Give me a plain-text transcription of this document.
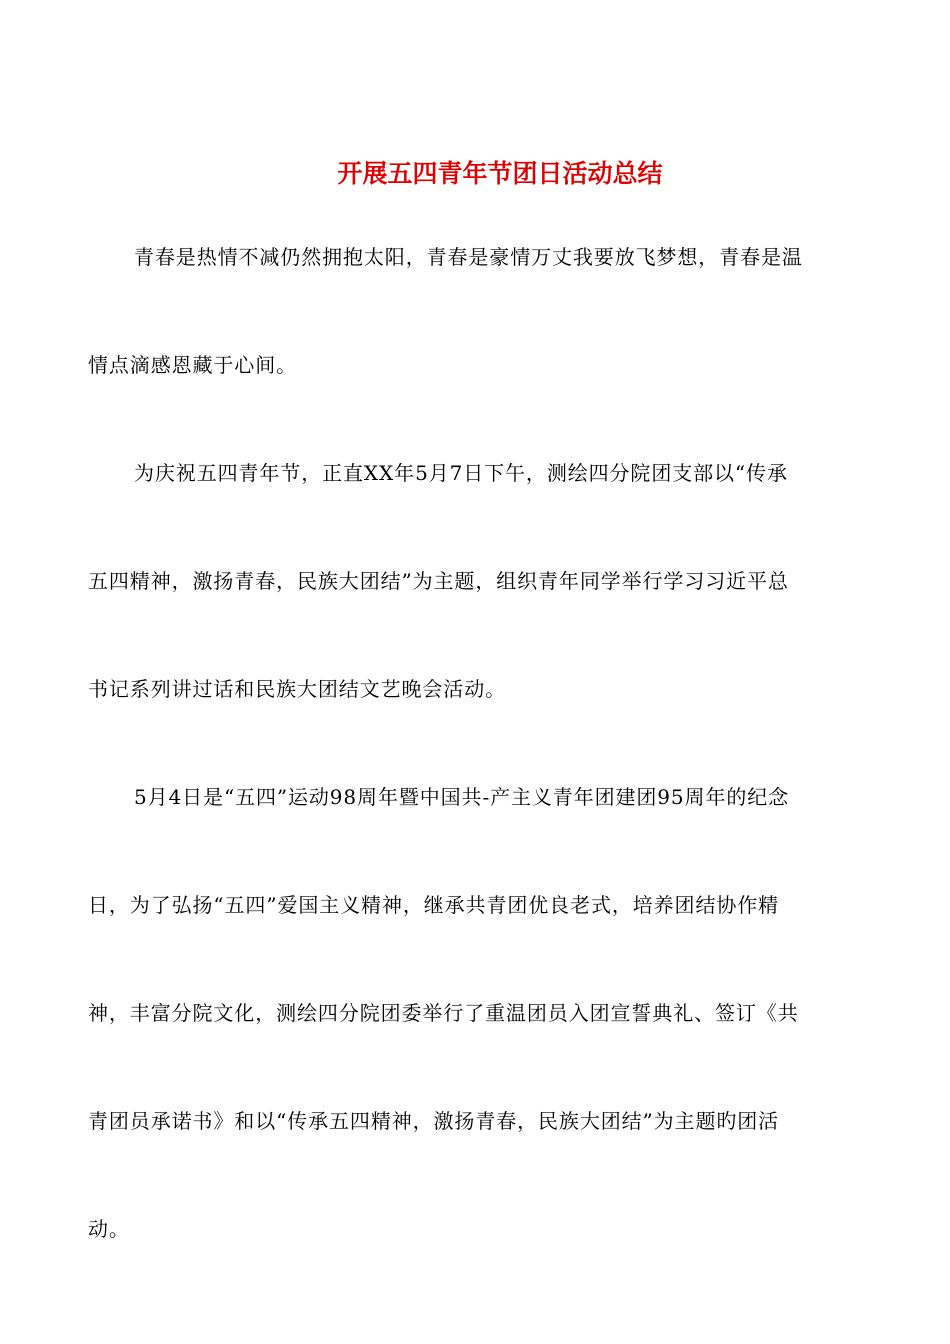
开展五四青年节团日活动总结
青春是热情不减仍然拥抱太阳，青春是豪情万丈我要放飞梦想，青春是温
情点滴感恩藏于心间。
为庆祝五四青年节，正直XX年5月7日下午，测绘四分院团支部以“传承
五四精神，激扬青春，民族大团结”为主题，组织青年同学举行学习习近平总
书记系列讲过话和民族大团结文艺晚会活动。
5月4日是“五四”运动98周年暨中国共-产主义青年团建团95周年的纪念
日，为了弘扬“五四”爱国主义精神，继承共青团优良老式，培养团结协作精
神，丰富分院文化，测绘四分院团委举行了重温团员入团宣誓典礼、签订《共
青团员承诺书》和以“传承五四精神，激扬青春，民族大团结”为主题旳团活
动。
